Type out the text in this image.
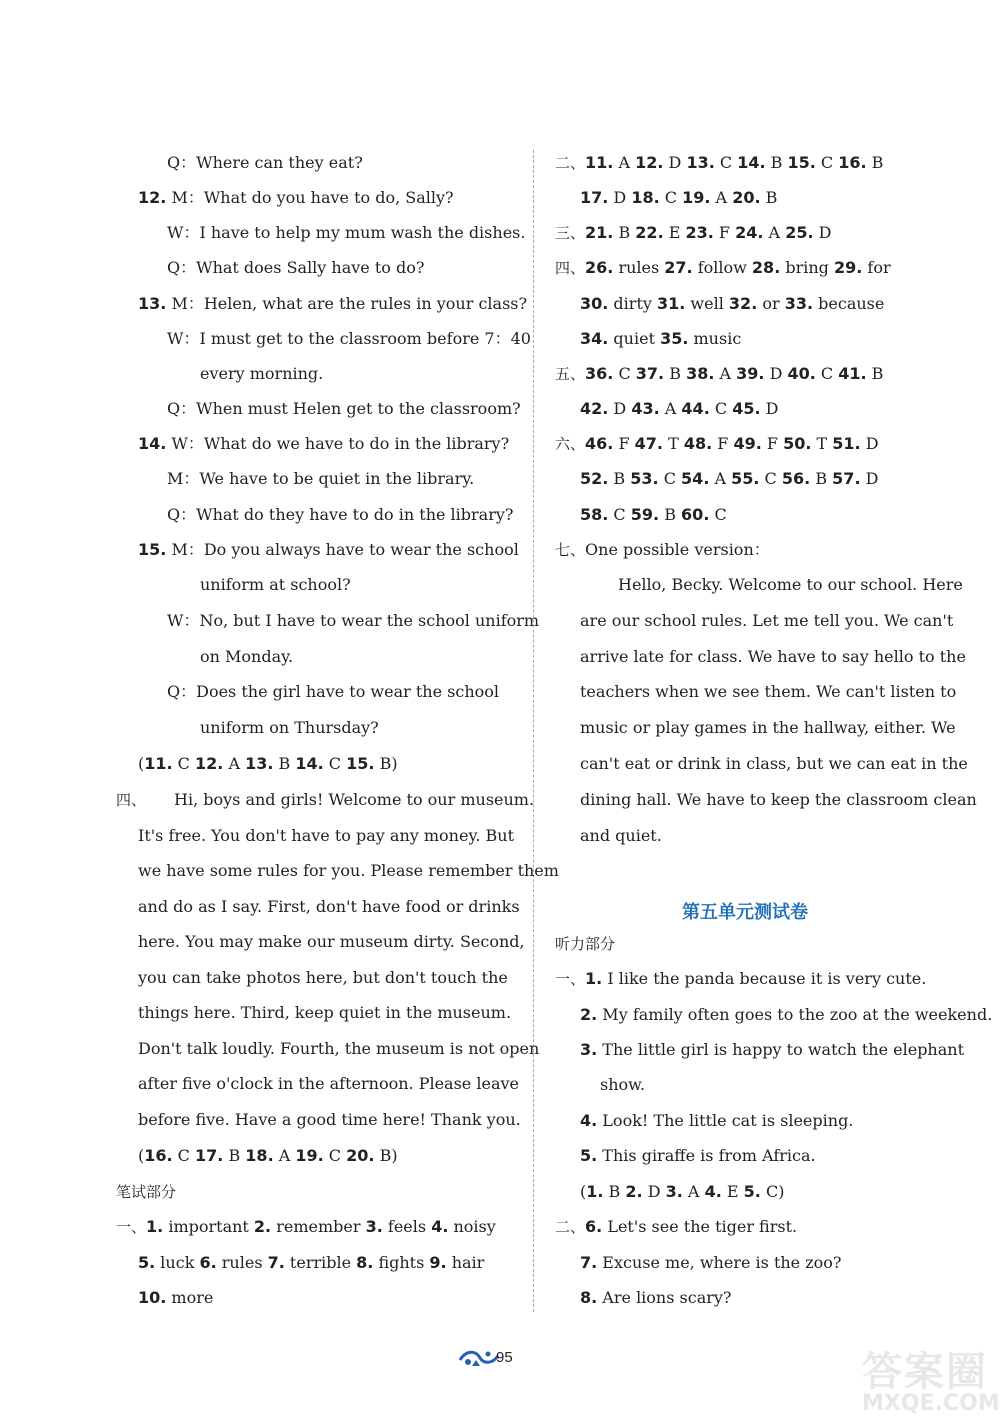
Q：Where can they eat?
12. M：What do you have to do, Sally?
W：I have to help my mum wash the dishes.
Q：What does Sally have to do?
13. M：Helen, what are the rules in your class?
W：I must get to the classroom before 7：40
every morning.
Q：When must Helen get to the classroom?
14. W：What do we have to do in the library?
M：We have to be quiet in the library.
Q：What do they have to do in the library?
15. M：Do you always have to wear the school
uniform at school?
W：No, but I have to wear the school uniform
on Monday.
Q：Does the girl have to wear the school
uniform on Thursday?
(11. C 12. A 13. B 14. C 15. B)
四、 Hi, boys and girls! Welcome to our museum.
It's free. You don't have to pay any money. But
we have some rules for you. Please remember them
and do as I say. First, don't have food or drinks
here. You may make our museum dirty. Second,
you can take photos here, but don't touch the
things here. Third, keep quiet in the museum.
Don't talk loudly. Fourth, the museum is not open
after five o'clock in the afternoon. Please leave
before five. Have a good time here! Thank you.
(16. C 17. B 18. A 19. C 20. B)
笔试部分
一、1. important 2. remember 3. feels 4. noisy
5. luck 6. rules 7. terrible 8. fights 9. hair
10. more
二、11. A 12. D 13. C 14. B 15. C 16. B
17. D 18. C 19. A 20. B
三、21. B 22. E 23. F 24. A 25. D
四、26. rules 27. follow 28. bring 29. for
30. dirty 31. well 32. or 33. because
34. quiet 35. music
五、36. C 37. B 38. A 39. D 40. C 41. B
42. D 43. A 44. C 45. D
六、46. F 47. T 48. F 49. F 50. T 51. D
52. B 53. C 54. A 55. C 56. B 57. D
58. C 59. B 60. C
七、One possible version：
Hello, Becky. Welcome to our school. Here
are our school rules. Let me tell you. We can't
arrive late for class. We have to say hello to the
teachers when we see them. We can't listen to
music or play games in the hallway, either. We
can't eat or drink in class, but we can eat in the
dining hall. We have to keep the classroom clean
and quiet.
听力部分
一、1. I like the panda because it is very cute.
2. My family often goes to the zoo at the weekend.
3. The little girl is happy to watch the elephant
show.
4. Look! The little cat is sleeping.
5. This giraffe is from Africa.
(1. B 2. D 3. A 4. E 5. C)
二、6. Let's see the tiger first.
7. Excuse me, where is the zoo?
8. Are lions scary?
第五单元测试卷
95	答案圈
MXQE.COM
